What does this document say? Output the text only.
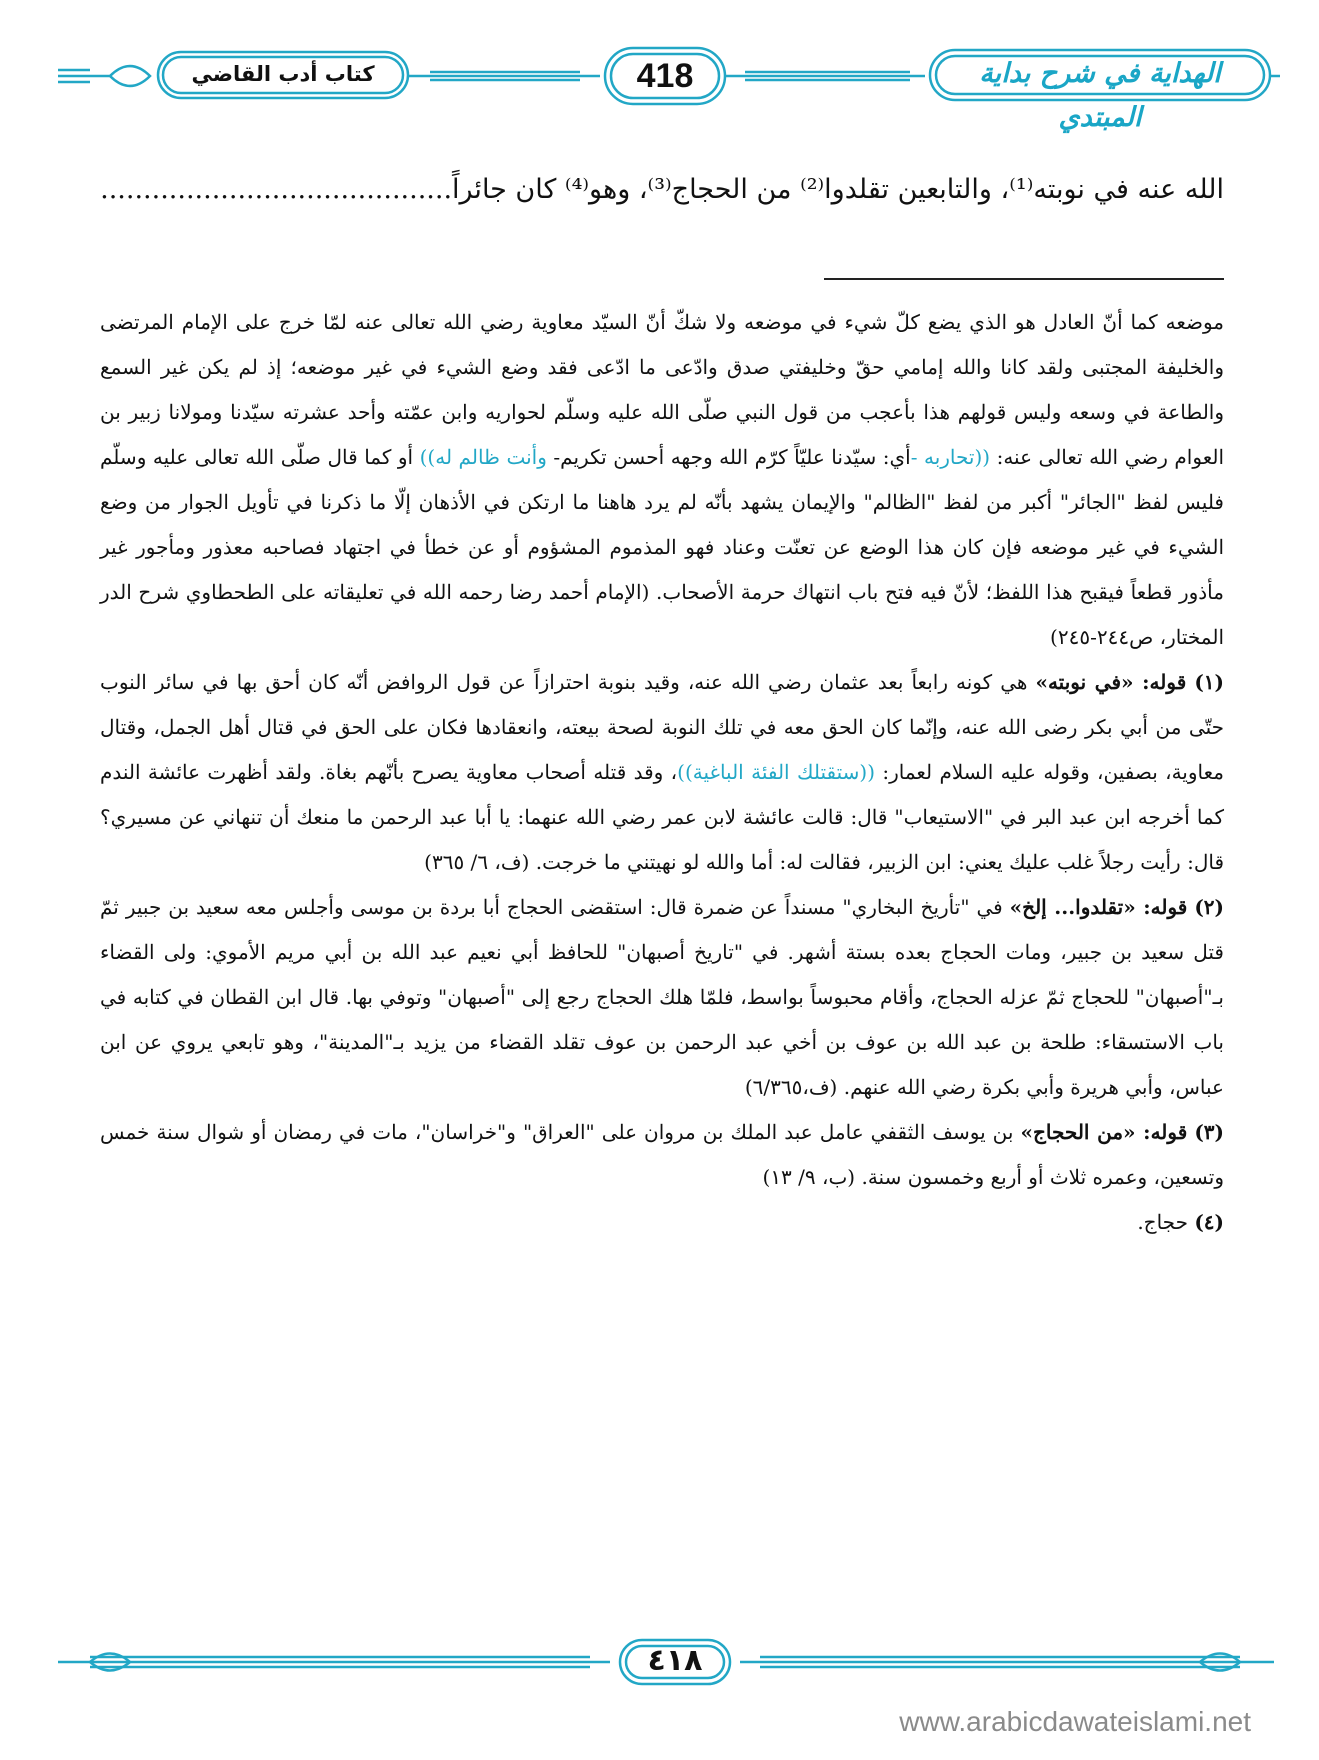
كتاب أدب القاضي	418	الهداية في شرح بداية المبتدي
الله عنه في نوبته⁽¹⁾، والتابعين تقلدوا⁽²⁾ من الحجاج⁽³⁾، وهو⁽⁴⁾ كان جائراً.........................................

موضعه كما أنّ العادل هو الذي يضع كلّ شيء في موضعه ولا شكّ أنّ السيّد معاوية رضي الله تعالى عنه لمّا خرج على الإمام المرتضى والخليفة المجتبى ولقد كانا والله إمامي حقّ وخليفتي صدق وادّعى ما ادّعى فقد وضع الشيء في غير موضعه؛ إذ لم يكن غير السمع والطاعة في وسعه وليس قولهم هذا بأعجب من قول النبي صلّى الله عليه وسلّم لحواريه وابن عمّته وأحد عشرته سيّدنا ومولانا زبير بن العوام رضي الله تعالى عنه: ((تحاربه -أي: سيّدنا عليّاً كرّم الله وجهه أحسن تكريم- وأنت ظالم له)) أو كما قال صلّى الله تعالى عليه وسلّم فليس لفظ "الجائر" أكبر من لفظ "الظالم" والإيمان يشهد بأنّه لم يرد هاهنا ما ارتكن في الأذهان إلّا ما ذكرنا في تأويل الجوار من وضع الشيء في غير موضعه فإن كان هذا الوضع عن تعنّت وعناد فهو المذموم المشؤوم أو عن خطأ في اجتهاد فصاحبه معذور ومأجور غير مأذور قطعاً فيقبح هذا اللفظ؛ لأنّ فيه فتح باب انتهاك حرمة الأصحاب. (الإمام أحمد رضا رحمه الله في تعليقاته على الطحطاوي شرح الدر المختار، ص٢٤٤-٢٤٥)

(١) قوله: «في نوبته» هي كونه رابعاً بعد عثمان رضي الله عنه، وقيد بنوبة احترازاً عن قول الروافض أنّه كان أحق بها في سائر النوب حتّى من أبي بكر رضى الله عنه، وإنّما كان الحق معه في تلك النوبة لصحة بيعته، وانعقادها فكان على الحق في قتال أهل الجمل، وقتال معاوية، بصفين، وقوله عليه السلام لعمار: ((ستقتلك الفئة الباغية))، وقد قتله أصحاب معاوية يصرح بأنّهم بغاة. ولقد أظهرت عائشة الندم كما أخرجه ابن عبد البر في "الاستيعاب" قال: قالت عائشة لابن عمر رضي الله عنهما: يا أبا عبد الرحمن ما منعك أن تنهاني عن مسيري؟ قال: رأيت رجلاً غلب عليك يعني: ابن الزبير، فقالت له: أما والله لو نهيتني ما خرجت. (ف، ٦/ ٣٦٥)

(٢) قوله: «تقلدوا... إلخ» في "تأريخ البخاري" مسنداً عن ضمرة قال: استقضى الحجاج أبا بردة بن موسى وأجلس معه سعيد بن جبير ثمّ قتل سعيد بن جبير، ومات الحجاج بعده بستة أشهر. في "تاريخ أصبهان" للحافظ أبي نعيم عبد الله بن أبي مريم الأموي: ولى القضاء بـ"أصبهان" للحجاج ثمّ عزله الحجاج، وأقام محبوساً بواسط، فلمّا هلك الحجاج رجع إلى "أصبهان" وتوفي بها. قال ابن القطان في كتابه في باب الاستسقاء: طلحة بن عبد الله بن عوف بن أخي عبد الرحمن بن عوف تقلد القضاء من يزيد بـ"المدينة"، وهو تابعي يروي عن ابن عباس، وأبي هريرة وأبي بكرة رضي الله عنهم. (ف،٦/٣٦٥)

(٣) قوله: «من الحجاج» بن يوسف الثقفي عامل عبد الملك بن مروان على "العراق" و"خراسان"، مات في رمضان أو شوال سنة خمس وتسعين، وعمره ثلاث أو أربع وخمسون سنة. (ب، ٩/ ١٣)

(٤) حجاج.

٤١٨
www.arabicdawateislami.net
